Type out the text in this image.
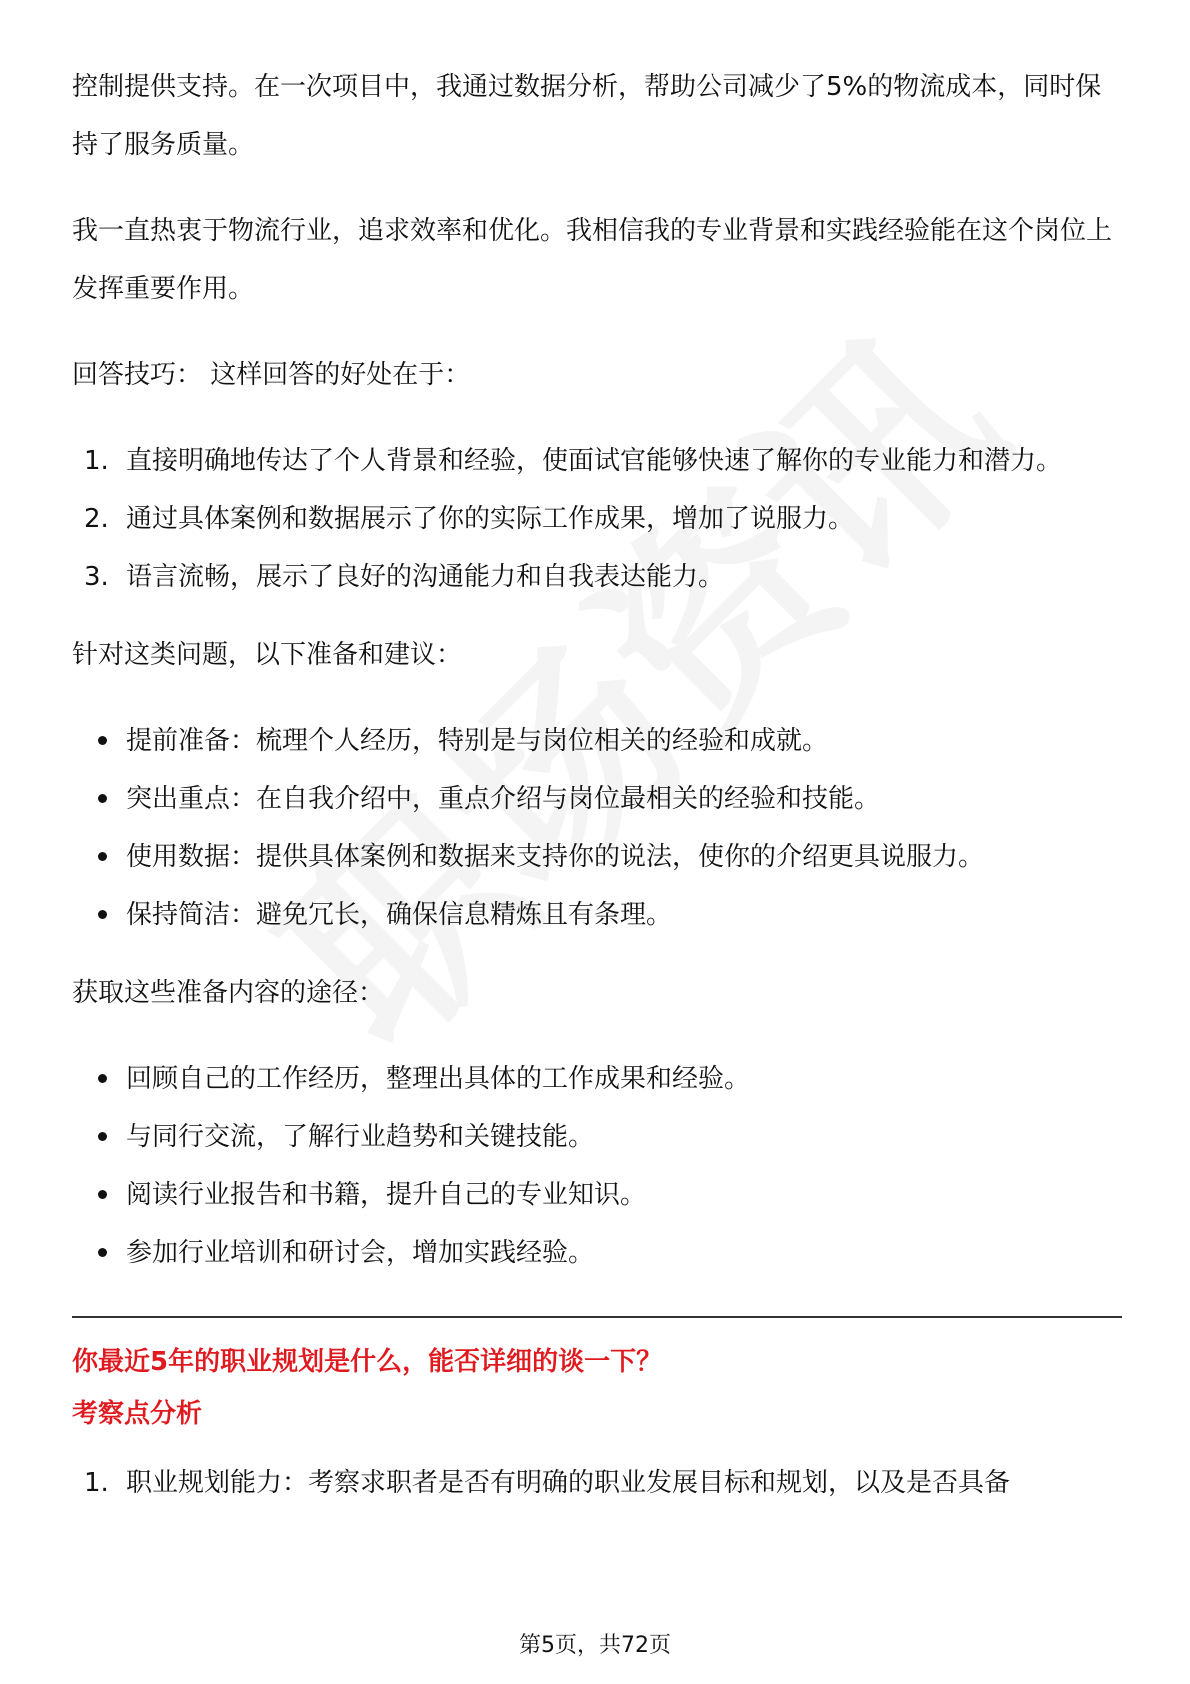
控制提供支持。在一次项目中，我通过数据分析，帮助公司减少了5%的物流成本，同时保持了服务质量。

我一直热衷于物流行业，追求效率和优化。我相信我的专业背景和实践经验能在这个岗位上发挥重要作用。

回答技巧： 这样回答的好处在于：

1. 直接明确地传达了个人背景和经验，使面试官能够快速了解你的专业能力和潜力。
2. 通过具体案例和数据展示了你的实际工作成果，增加了说服力。
3. 语言流畅，展示了良好的沟通能力和自我表达能力。

针对这类问题，以下准备和建议：

提前准备：梳理个人经历，特别是与岗位相关的经验和成就。
突出重点：在自我介绍中，重点介绍与岗位最相关的经验和技能。
使用数据：提供具体案例和数据来支持你的说法，使你的介绍更具说服力。
保持简洁：避免冗长，确保信息精炼且有条理。

获取这些准备内容的途径：

回顾自己的工作经历，整理出具体的工作成果和经验。
与同行交流，了解行业趋势和关键技能。
阅读行业报告和书籍，提升自己的专业知识。
参加行业培训和研讨会，增加实践经验。

你最近5年的职业规划是什么，能否详细的谈一下？

考察点分析

1. 职业规划能力：考察求职者是否有明确的职业发展目标和规划，以及是否具备
第5页，共72页
